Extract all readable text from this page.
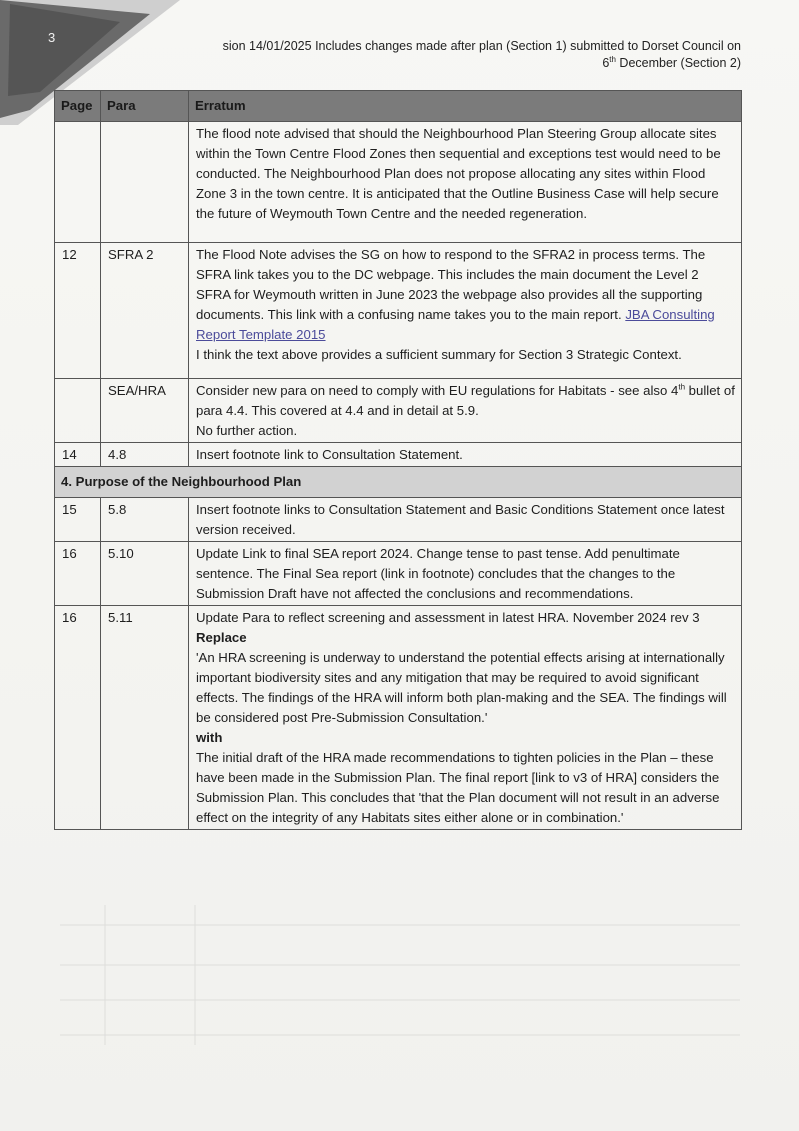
3
sion 14/01/2025 Includes changes made after plan (Section 1) submitted to Dorset Council on
6th December (Section 2)
Page	Para	Erratum
		The flood note advised that should the Neighbourhood Plan Steering Group allocate sites within the Town Centre Flood Zones then sequential and exceptions test would need to be conducted. The Neighbourhood Plan does not propose allocating any sites within Flood Zone 3 in the town centre. It is anticipated that the Outline Business Case will help secure the future of Weymouth Town Centre and the needed regeneration.
12	SFRA 2	The Flood Note advises the SG on how to respond to the SFRA2 in process terms. The SFRA link takes you to the DC webpage. This includes the main document the Level 2 SFRA for Weymouth written in June 2023 the webpage also provides all the supporting documents. This link with a confusing name takes you to the main report. JBA Consulting Report Template 2015
I think the text above provides a sufficient summary for Section 3 Strategic Context.
	SEA/HRA	Consider new para on need to comply with EU regulations for Habitats - see also 4th bullet of para 4.4. This covered at 4.4 and in detail at 5.9.
No further action.
14	4.8	Insert footnote link to Consultation Statement.
4. Purpose of the Neighbourhood Plan		
15	5.8	Insert footnote links to Consultation Statement and Basic Conditions Statement once latest version received.
16	5.10	Update Link to final SEA report 2024. Change tense to past tense. Add penultimate sentence. The Final Sea report (link in footnote) concludes that the changes to the Submission Draft have not affected the conclusions and recommendations.
16	5.11	Update Para to reflect screening and assessment in latest HRA. November 2024 rev 3
Replace
'An HRA screening is underway to understand the potential effects arising at internationally important biodiversity sites and any mitigation that may be required to avoid significant effects. The findings of the HRA will inform both plan-making and the SEA. The findings will be considered post Pre-Submission Consultation.'
with
The initial draft of the HRA made recommendations to tighten policies in the Plan – these have been made in the Submission Plan. The final report [link to v3 of HRA] considers the Submission Plan. This concludes that 'that the Plan document will not result in an adverse effect on the integrity of any Habitats sites either alone or in combination.'
